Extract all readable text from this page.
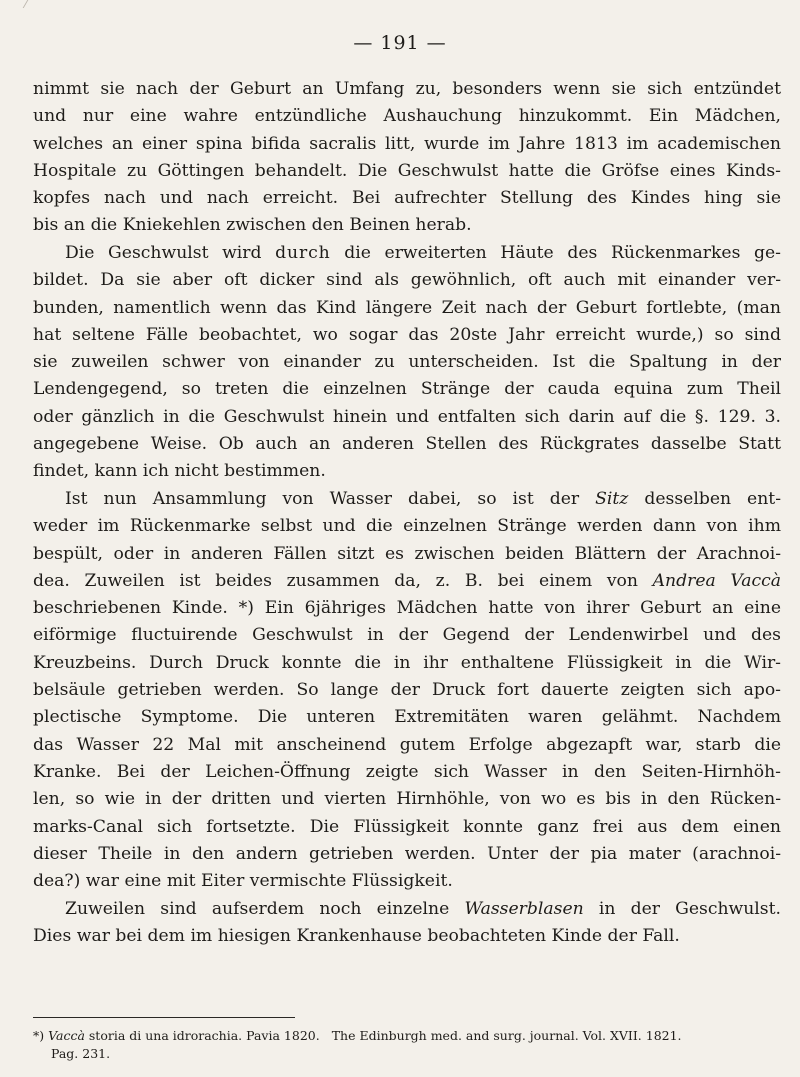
— 191 —
nimmt sie nach der Geburt an Umfang zu, besonders wenn sie sich entzündet
und nur eine wahre entzündliche Aushauchung hinzukommt. Ein Mädchen,
welches an einer spina bifida sacralis litt, wurde im Jahre 1813 im academischen
Hospitale zu Göttingen behandelt. Die Geschwulst hatte die Gröfse eines Kinds-
kopfes nach und nach erreicht. Bei aufrechter Stellung des Kindes hing sie
bis an die Kniekehlen zwischen den Beinen herab.
Die Geschwulst wird durch die erweiterten Häute des Rückenmarkes ge-
bildet. Da sie aber oft dicker sind als gewöhnlich, oft auch mit einander ver-
bunden, namentlich wenn das Kind längere Zeit nach der Geburt fortlebte, (man
hat seltene Fälle beobachtet, wo sogar das 20ste Jahr erreicht wurde,) so sind
sie zuweilen schwer von einander zu unterscheiden. Ist die Spaltung in der
Lendengegend, so treten die einzelnen Stränge der cauda equina zum Theil
oder gänzlich in die Geschwulst hinein und entfalten sich darin auf die §. 129. 3.
angegebene Weise. Ob auch an anderen Stellen des Rückgrates dasselbe Statt
findet, kann ich nicht bestimmen.
Ist nun Ansammlung von Wasser dabei, so ist der Sitz desselben ent-
weder im Rückenmarke selbst und die einzelnen Stränge werden dann von ihm
bespült, oder in anderen Fällen sitzt es zwischen beiden Blättern der Arachnoi-
dea. Zuweilen ist beides zusammen da, z. B. bei einem von Andrea Vaccà
beschriebenen Kinde. *) Ein 6jähriges Mädchen hatte von ihrer Geburt an eine
eiförmige fluctuirende Geschwulst in der Gegend der Lendenwirbel und des
Kreuzbeins. Durch Druck konnte die in ihr enthaltene Flüssigkeit in die Wir-
belsäule getrieben werden. So lange der Druck fort dauerte zeigten sich apo-
plectische Symptome. Die unteren Extremitäten waren gelähmt. Nachdem
das Wasser 22 Mal mit anscheinend gutem Erfolge abgezapft war, starb die
Kranke. Bei der Leichen-Öffnung zeigte sich Wasser in den Seiten-Hirnhöh-
len, so wie in der dritten und vierten Hirnhöhle, von wo es bis in den Rücken-
marks-Canal sich fortsetzte. Die Flüssigkeit konnte ganz frei aus dem einen
dieser Theile in den andern getrieben werden. Unter der pia mater (arachnoi-
dea?) war eine mit Eiter vermischte Flüssigkeit.
Zuweilen sind aufserdem noch einzelne Wasserblasen in der Geschwulst.
Dies war bei dem im hiesigen Krankenhause beobachteten Kinde der Fall.
*) Vaccà storia di una idrorachia. Pavia 1820. The Edinburgh med. and surg. journal. Vol. XVII. 1821.
Pag. 231.
